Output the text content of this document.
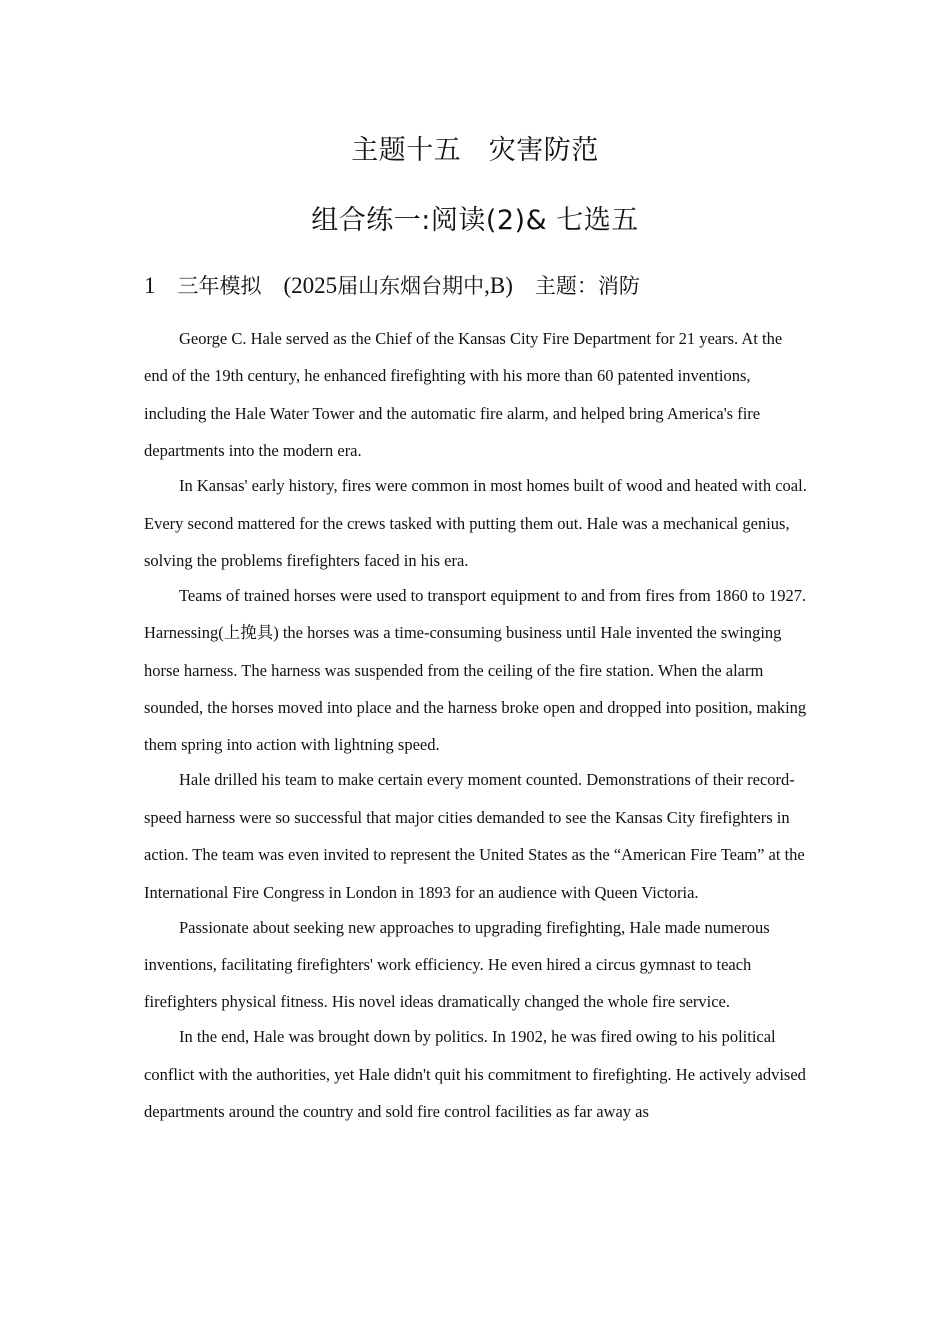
主题十五　灾害防范
组合练一:阅读(2)& 七选五
1 三年模拟 (2025届山东烟台期中,B) 主题：消防

George C. Hale served as the Chief of the Kansas City Fire Department for 21 years. At the end of the 19th century, he enhanced firefighting with his more than 60 patented inventions, including the Hale Water Tower and the automatic fire alarm, and helped bring America's fire departments into the modern era.

In Kansas' early history, fires were common in most homes built of wood and heated with coal. Every second mattered for the crews tasked with putting them out. Hale was a mechanical genius, solving the problems firefighters faced in his era.

Teams of trained horses were used to transport equipment to and from fires from 1860 to 1927. Harnessing(上挽具) the horses was a time-consuming business until Hale invented the swinging horse harness. The harness was suspended from the ceiling of the fire station. When the alarm sounded, the horses moved into place and the harness broke open and dropped into position, making them spring into action with lightning speed.

Hale drilled his team to make certain every moment counted. Demonstrations of their record-speed harness were so successful that major cities demanded to see the Kansas City firefighters in action. The team was even invited to represent the United States as the “American Fire Team” at the International Fire Congress in London in 1893 for an audience with Queen Victoria.

Passionate about seeking new approaches to upgrading firefighting, Hale made numerous inventions, facilitating firefighters' work efficiency. He even hired a circus gymnast to teach firefighters physical fitness. His novel ideas dramatically changed the whole fire service.

In the end, Hale was brought down by politics. In 1902, he was fired owing to his political conflict with the authorities, yet Hale didn't quit his commitment to firefighting. He actively advised departments around the country and sold fire control facilities as far away as
